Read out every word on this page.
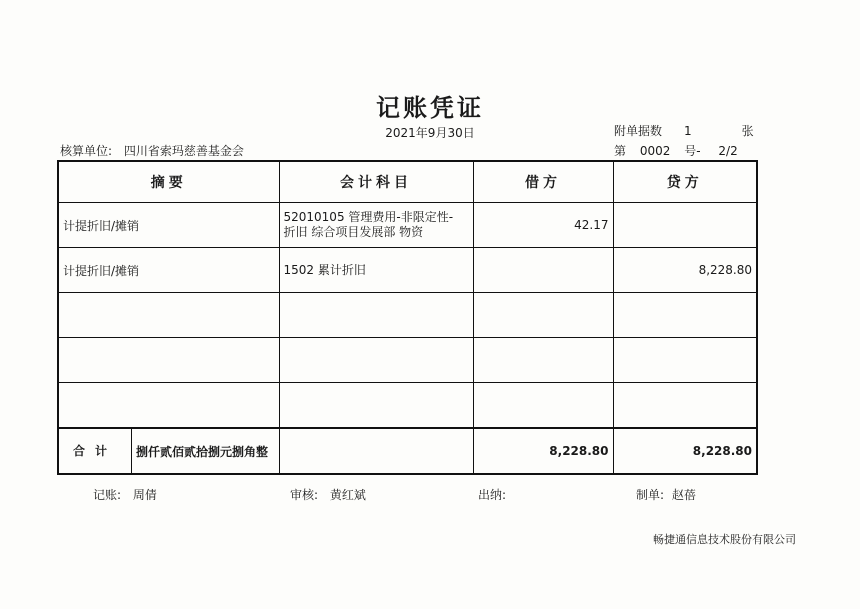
记账凭证
2021年9月30日	附单据数 1	张
核算单位: 四川省索玛慈善基金会	第 0002 号- 2/2
摘要	会计科目	借方	贷方
计提折旧/摊销	52010105 管理费用-非限定性-
折旧 综合项目发展部 物资	42.17	
计提折旧/摊销	1502 累计折旧		8,228.80

合计 捌仟贰佰贰拾捌元捌角整		8,228.80	8,228.80
记账: 周倩	审核: 黄红斌	出纳:	制单: 赵蓓
畅捷通信息技术股份有限公司
